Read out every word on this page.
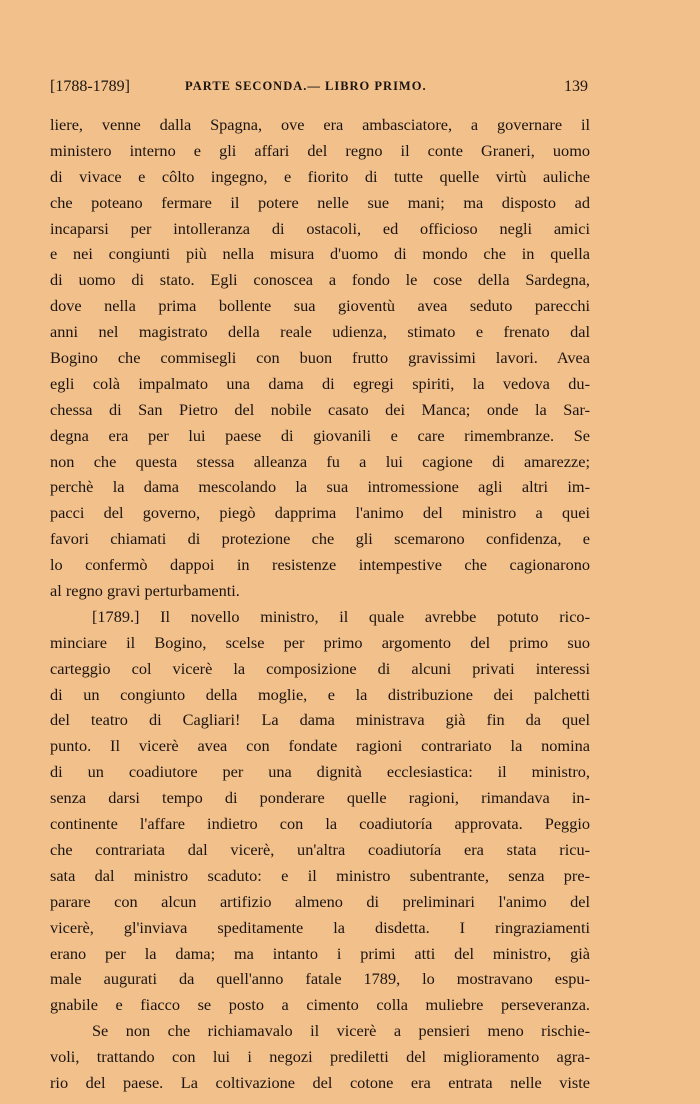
[1788-1789]	PARTE SECONDA.— LIBRO PRIMO.	139
liere, venne dalla Spagna, ove era ambasciatore, a governare il
ministero interno e gli affari del regno il conte Graneri, uomo
di vivace e côlto ingegno, e fiorito di tutte quelle virtù auliche
che poteano fermare il potere nelle sue mani; ma disposto ad
incaparsi per intolleranza di ostacoli, ed officioso negli amici
e nei congiunti più nella misura d'uomo di mondo che in quella
di uomo di stato. Egli conoscea a fondo le cose della Sardegna,
dove nella prima bollente sua gioventù avea seduto parecchi
anni nel magistrato della reale udienza, stimato e frenato dal
Bogino che commisegli con buon frutto gravissimi lavori. Avea
egli colà impalmato una dama di egregi spiriti, la vedova du-
chessa di San Pietro del nobile casato dei Manca; onde la Sar-
degna era per lui paese di giovanili e care rimembranze. Se
non che questa stessa alleanza fu a lui cagione di amarezze;
perchè la dama mescolando la sua intromessione agli altri im-
pacci del governo, piegò dapprima l'animo del ministro a quei
favori chiamati di protezione che gli scemarono confidenza, e
lo confermò dappoi in resistenze intempestive che cagionarono
al regno gravi perturbamenti.
[1789.] Il novello ministro, il quale avrebbe potuto rico-
minciare il Bogino, scelse per primo argomento del primo suo
carteggio col vicerè la composizione di alcuni privati interessi
di un congiunto della moglie, e la distribuzione dei palchetti
del teatro di Cagliari! La dama ministrava già fin da quel
punto. Il vicerè avea con fondate ragioni contrariato la nomina
di un coadiutore per una dignità ecclesiastica: il ministro,
senza darsi tempo di ponderare quelle ragioni, rimandava in-
continente l'affare indietro con la coadiutoría approvata. Peggio
che contrariata dal vicerè, un'altra coadiutoría era stata ricu-
sata dal ministro scaduto: e il ministro subentrante, senza pre-
parare con alcun artifizio almeno di preliminari l'animo del
vicerè, gl'inviava speditamente la disdetta. I ringraziamenti
erano per la dama; ma intanto i primi atti del ministro, già
male augurati da quell'anno fatale 1789, lo mostravano espu-
gnabile e fiacco se posto a cimento colla muliebre perseveranza.
Se non che richiamavalo il vicerè a pensieri meno rischie-
voli, trattando con lui i negozi prediletti del miglioramento agra-
rio del paese. La coltivazione del cotone era entrata nelle viste
